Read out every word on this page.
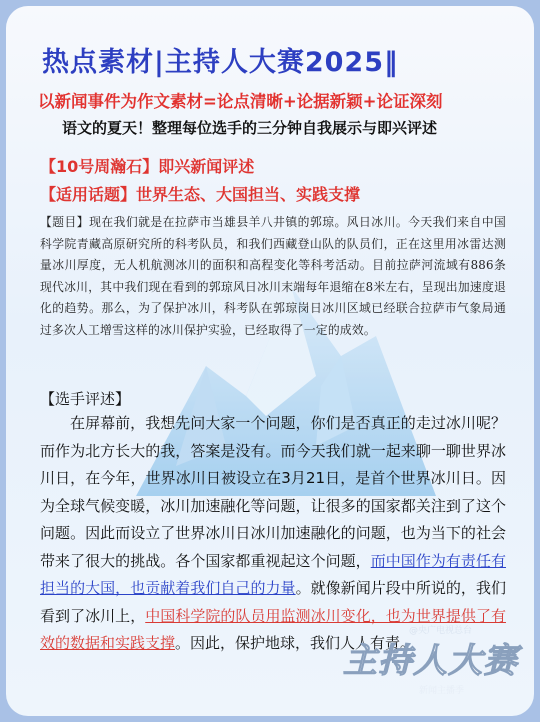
热点素材|主持人大赛2025‖
以新闻事件为作文素材=论点清晰+论据新颖+论证深刻
语文的夏天！整理每位选手的三分钟自我展示与即兴评述
【10号周瀚石】即兴新闻评述
【适用话题】世界生态、大国担当、实践支撑
【题目】现在我们就是在拉萨市当雄县羊八井镇的郭琼。风日冰川。今天我们来自中国科学院青藏高原研究所的科考队员，和我们西藏登山队的队员们，正在这里用冰雷达测量冰川厚度，无人机航测冰川的面积和高程变化等科考活动。目前拉萨河流域有886条现代冰川，其中我们现在看到的郭琼风日冰川末端每年退缩在8米左右，呈现出加速度退化的趋势。那么，为了保护冰川，科考队在郭琼岗日冰川区域已经联合拉萨市气象局通过多次人工增雪这样的冰川保护实验，已经取得了一定的成效。
【选手评述】
在屏幕前，我想先问大家一个问题，你们是否真正的走过冰川呢？而作为北方长大的我，答案是没有。而今天我们就一起来聊一聊世界冰川日，在今年，世界冰川日被设立在3月21日，是首个世界冰川日。因为全球气候变暖，冰川加速融化等问题，让很多的国家都关注到了这个问题。因此而设立了世界冰川日冰川加速融化的问题，也为当下的社会带来了很大的挑战。各个国家都重视起这个问题，而中国作为有责任有担当的大国，也贡献着我们自己的力量。就像新闻片段中所说的，我们看到了冰川上，中国科学院的队员用监测冰川变化，也为世界提供了有效的数据和实践支撑。因此，保护地球，我们人人有责。
@央广电视总台
主持人大赛
新闻主播季
